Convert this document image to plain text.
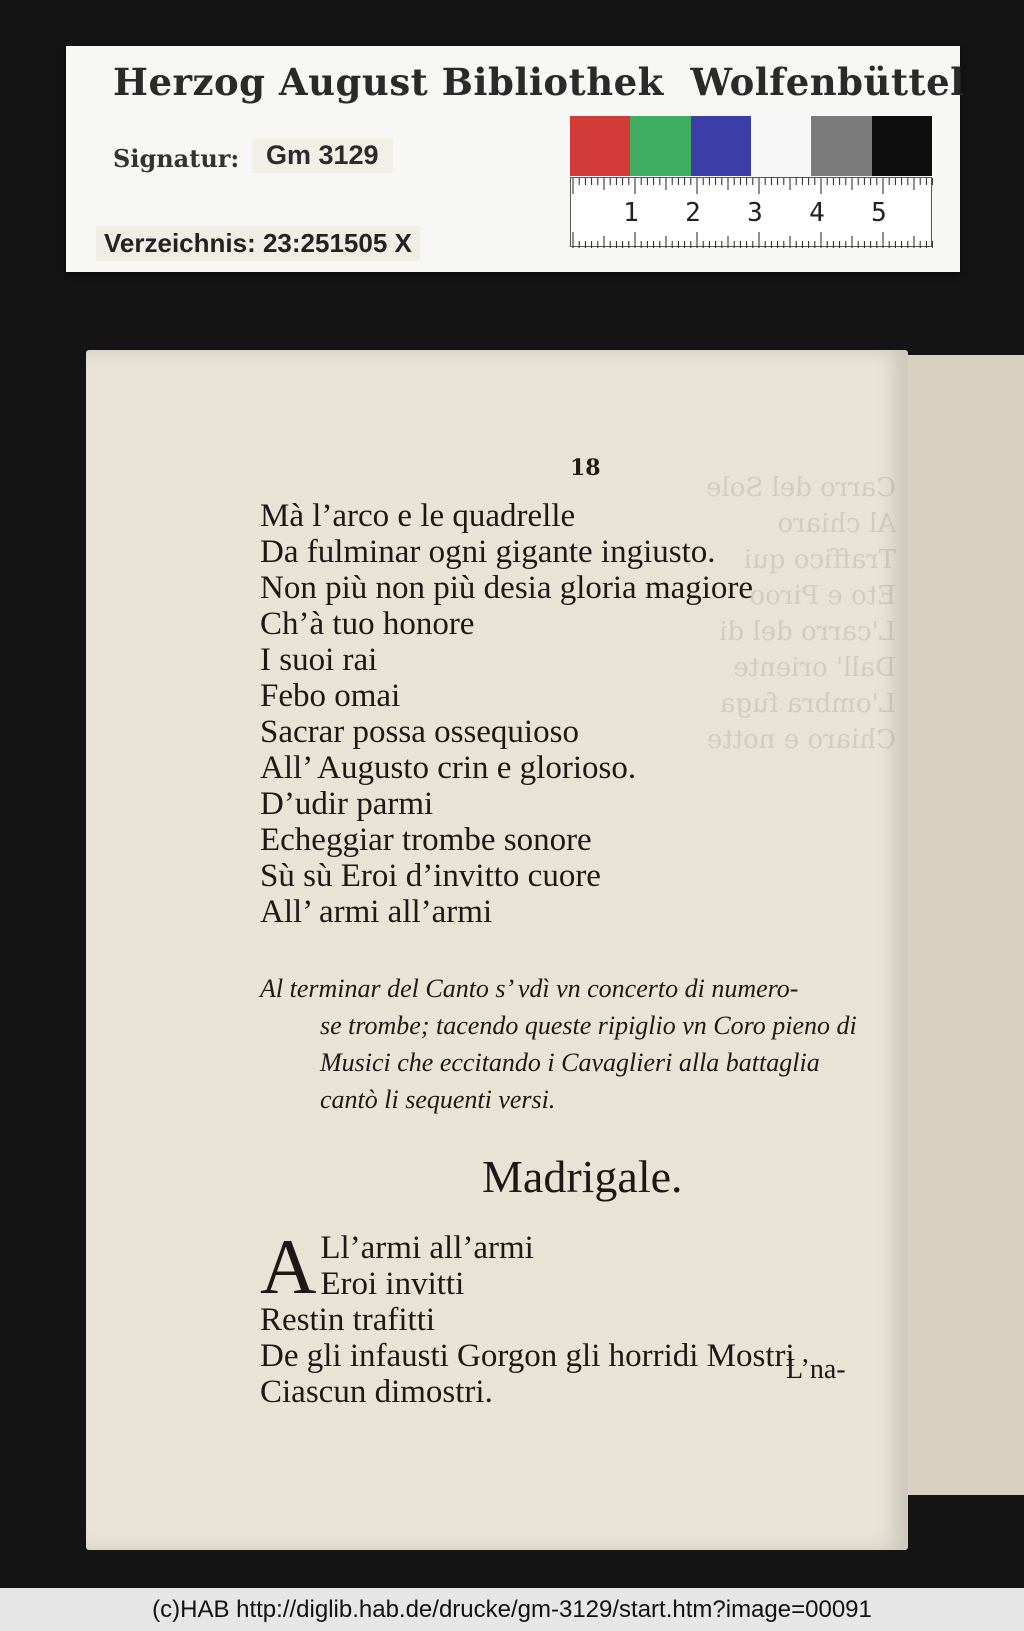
Herzog August Bibliothek  Wolfenbüttel
Signatur: Gm 3129
Verzeichnis: 23:251505 X
1 2 3 4 5
Carro del Sole
Al chiaro
Traffico qui
Eto e Piroo
L'carro del di
Dall' oriente
L'ombra fuga
Chiaro e notte
18
Mà l’arco e le quadrelle
Da fulminar ogni gigante ingiusto.
Non più non più desia gloria magiore
Ch’à tuo honore
I suoi rai
Febo omai
Sacrar possa ossequioso
All’ Augusto crin e glorioso.
D’udir parmi
Echeggiar trombe sonore
Sù sù Eroi d’invitto cuore
All’ armi all’armi
Al terminar del Canto s’ vdì vn concerto di numero-
se trombe; tacendo queste ripiglio vn Coro pieno di
Musici che eccitando i Cavaglieri alla battaglia
cantò li sequenti versi.
Madrigale.
A Ll’armi all’armi
Eroi invitti
Restin trafitti
De gli infausti Gorgon gli horridi Mostri
Ciascun dimostri.
L’na-
(c)HAB http://diglib.hab.de/drucke/gm-3129/start.htm?image=00091
